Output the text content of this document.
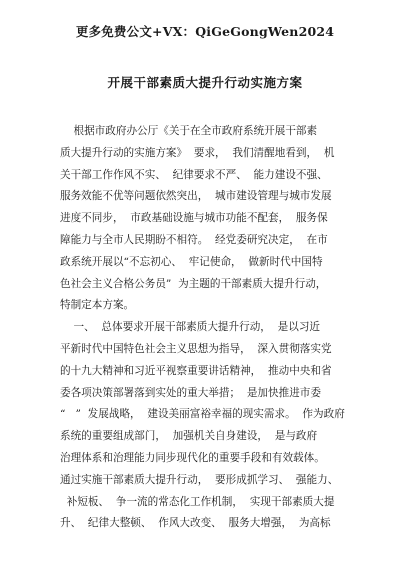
更多免费公文+VX：QiGeGongWen2024
开展干部素质大提升行动实施方案
根据市政府办公厅《关于在全市政府系统开展干部素
质大提升行动的实施方案》  要求，  我们清醒地看到，  机
关干部工作作风不实、  纪律要求不严、  能力建设不强、
服务效能不优等问题依然突出，  城市建设管理与城市发展
进度不同步，  市政基础设施与城市功能不配套，  服务保
障能力与全市人民期盼不相符。  经党委研究决定，  在市
政系统开展以“不忘初心、  牢记使命，  做新时代中国特
色社会主义合格公务员”  为主题的干部素质大提升行动，
特制定本方案。
一、  总体要求开展干部素质大提升行动，  是以习近
平新时代中国特色社会主义思想为指导，  深入贯彻落实党
的十九大精神和习近平视察重要讲话精神，  推动中央和省
委各项决策部署落到实处的重大举措；  是加快推进市委
“   ”  发展战略，  建设美丽富裕幸福的现实需求。  作为政府
系统的重要组成部门，  加强机关自身建设，  是与政府
治理体系和治理能力同步现代化的重要手段和有效载体。
通过实施干部素质大提升行动，  要形成抓学习、  强能力、
补短板、  争一流的常态化工作机制，  实现干部素质大提
升、  纪律大整顿、  作风大改变、  服务大增强，  为高标
